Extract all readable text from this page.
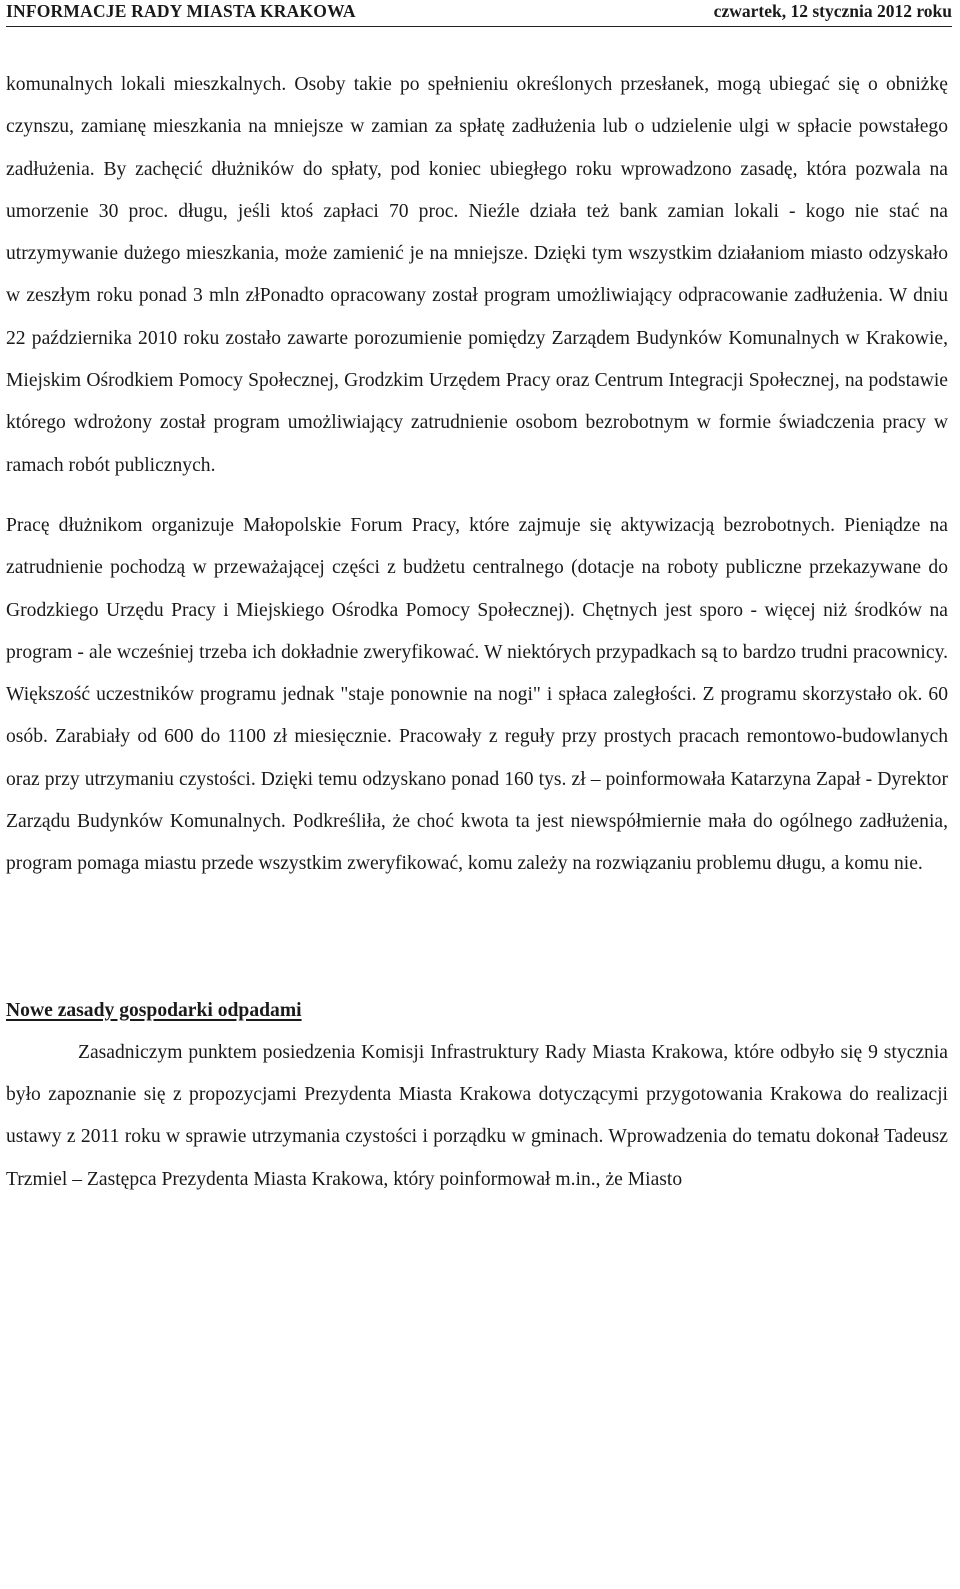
INFORMACJE RADY MIASTA KRAKOWA	czwartek, 12 stycznia 2012 roku

komunalnych lokali mieszkalnych. Osoby takie po spełnieniu określonych przesłanek, mogą ubiegać się o obniżkę czynszu, zamianę mieszkania na mniejsze w zamian za spłatę zadłużenia lub o udzielenie ulgi w spłacie powstałego zadłużenia. By zachęcić dłużników do spłaty, pod koniec ubiegłego roku wprowadzono zasadę, która pozwala na umorzenie 30 proc. długu, jeśli ktoś zapłaci 70 proc. Nieźle działa też bank zamian lokali - kogo nie stać na utrzymywanie dużego mieszkania, może zamienić je na mniejsze. Dzięki tym wszystkim działaniom miasto odzyskało w zeszłym roku ponad 3 mln złPonadto opracowany został program umożliwiający odpracowanie zadłużenia. W dniu 22 października 2010 roku zostało zawarte porozumienie pomiędzy Zarządem Budynków Komunalnych w Krakowie, Miejskim Ośrodkiem Pomocy Społecznej, Grodzkim Urzędem Pracy oraz Centrum Integracji Społecznej, na podstawie którego wdrożony został program umożliwiający zatrudnienie osobom bezrobotnym w formie świadczenia pracy w ramach robót publicznych.

Pracę dłużnikom organizuje Małopolskie Forum Pracy, które zajmuje się aktywizacją bezrobotnych. Pieniądze na zatrudnienie pochodzą w przeważającej części z budżetu centralnego (dotacje na roboty publiczne przekazywane do Grodzkiego Urzędu Pracy i Miejskiego Ośrodka Pomocy Społecznej). Chętnych jest sporo - więcej niż środków na program - ale wcześniej trzeba ich dokładnie zweryfikować. W niektórych przypadkach są to bardzo trudni pracownicy. Większość uczestników programu jednak "staje ponownie na nogi" i spłaca zaległości. Z programu skorzystało ok. 60 osób. Zarabiały od 600 do 1100 zł miesięcznie. Pracowały z reguły przy prostych pracach remontowo-budowlanych oraz przy utrzymaniu czystości. Dzięki temu odzyskano ponad 160 tys. zł – poinformowała Katarzyna Zapał - Dyrektor Zarządu Budynków Komunalnych. Podkreśliła, że choć kwota ta jest niewspółmiernie mała do ogólnego zadłużenia, program pomaga miastu przede wszystkim zweryfikować, komu zależy na rozwiązaniu problemu długu, a komu nie.

Nowe zasady gospodarki odpadami

Zasadniczym punktem posiedzenia Komisji Infrastruktury Rady Miasta Krakowa, które odbyło się 9 stycznia było zapoznanie się z propozycjami Prezydenta Miasta Krakowa dotyczącymi przygotowania Krakowa do realizacji ustawy z 2011 roku w sprawie utrzymania czystości i porządku w gminach. Wprowadzenia do tematu dokonał Tadeusz Trzmiel – Zastępca Prezydenta Miasta Krakowa, który poinformował m.in., że Miasto
